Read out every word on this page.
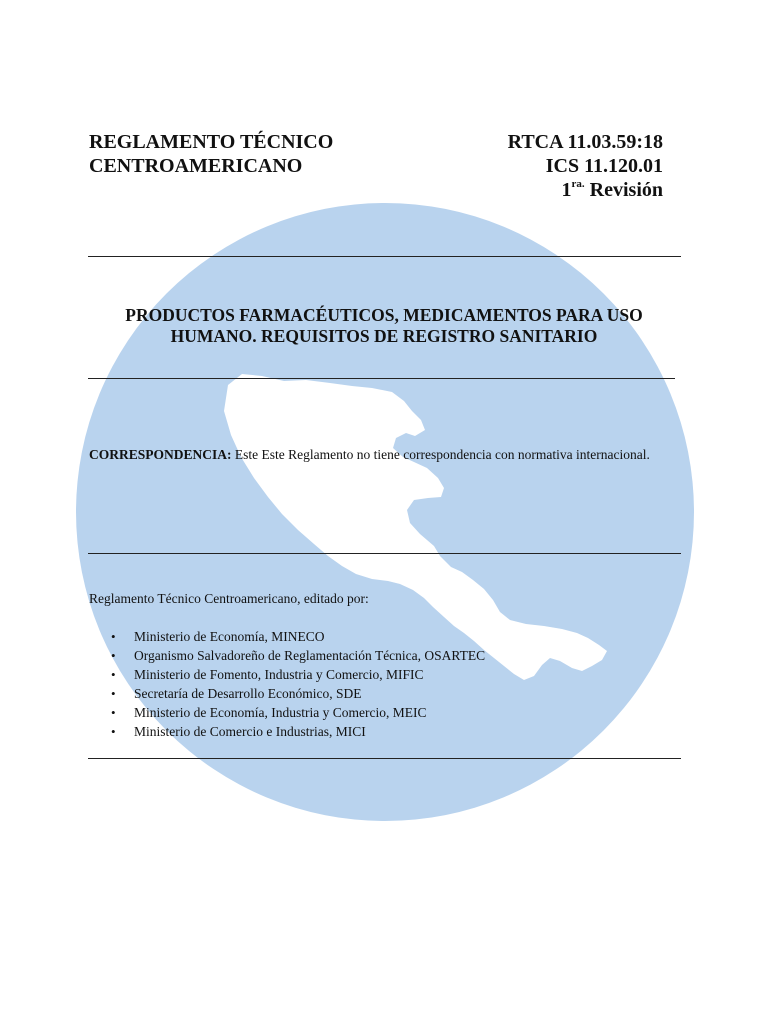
REGLAMENTO TÉCNICO
CENTROAMERICANO
RTCA 11.03.59:18
ICS 11.120.01
$1^{ra.}$ Revisión
PRODUCTOS FARMACÉUTICOS, MEDICAMENTOS PARA USO
HUMANO. REQUISITOS DE REGISTRO SANITARIO
CORRESPONDENCIA: Este Este Reglamento no tiene correspondencia con normativa internacional.
Reglamento Técnico Centroamericano, editado por:
• Ministerio de Economía, MINECO
• Organismo Salvadoreño de Reglamentación Técnica, OSARTEC
• Ministerio de Fomento, Industria y Comercio, MIFIC
• Secretaría de Desarrollo Económico, SDE
• Ministerio de Economía, Industria y Comercio, MEIC
• Ministerio de Comercio e Industrias, MICI
